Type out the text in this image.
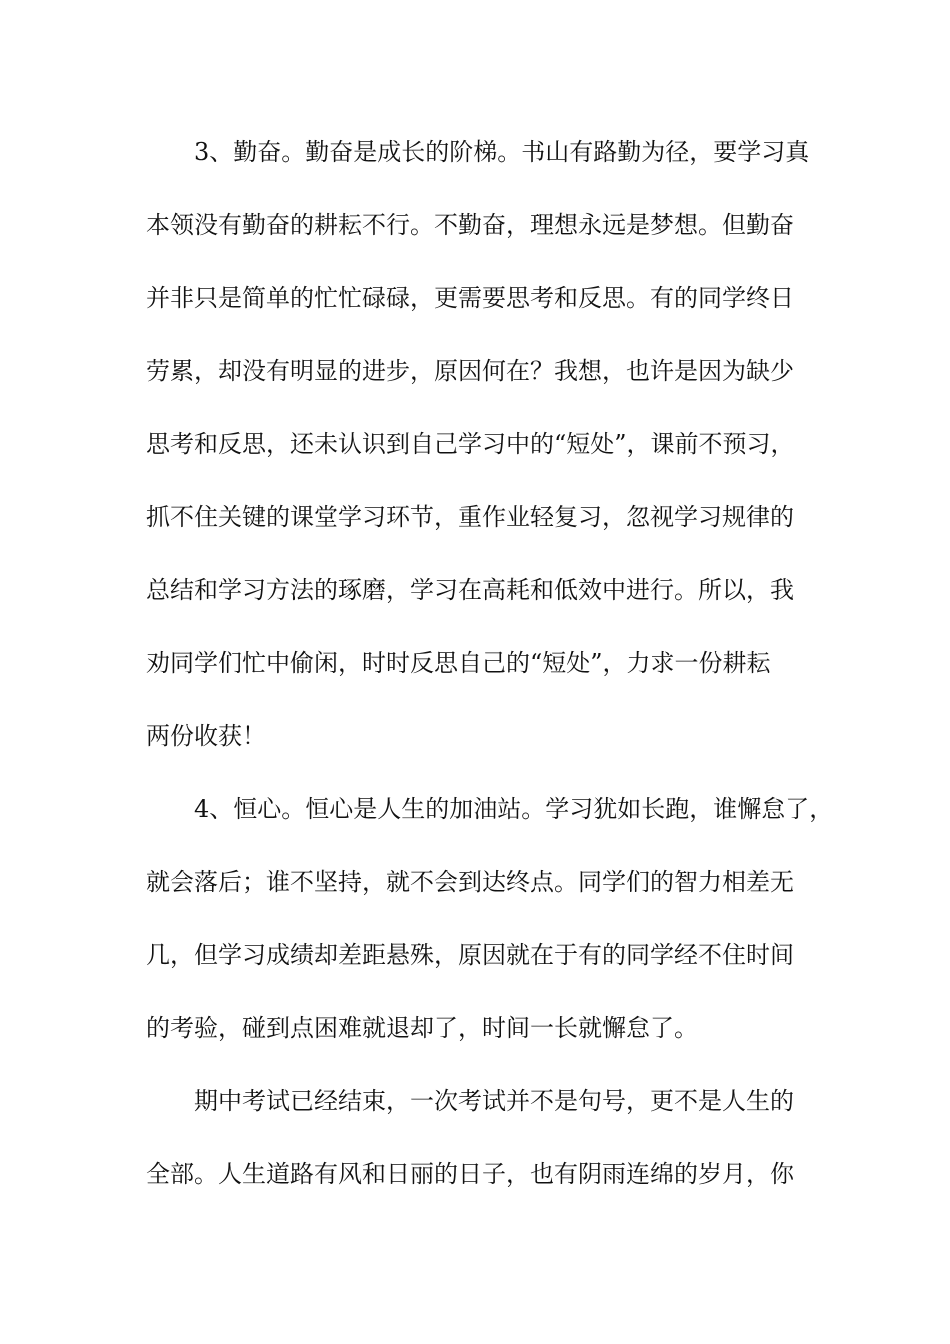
3、勤奋。勤奋是成长的阶梯。书山有路勤为径，要学习真
本领没有勤奋的耕耘不行。不勤奋，理想永远是梦想。但勤奋
并非只是简单的忙忙碌碌，更需要思考和反思。有的同学终日
劳累，却没有明显的进步，原因何在？我想，也许是因为缺少
思考和反思，还未认识到自己学习中的“短处”，课前不预习，
抓不住关键的课堂学习环节，重作业轻复习，忽视学习规律的
总结和学习方法的琢磨，学习在高耗和低效中进行。所以，我
劝同学们忙中偷闲，时时反思自己的“短处”，力求一份耕耘
两份收获！
4、恒心。恒心是人生的加油站。学习犹如长跑，谁懈怠了，
就会落后；谁不坚持，就不会到达终点。同学们的智力相差无
几，但学习成绩却差距悬殊，原因就在于有的同学经不住时间
的考验，碰到点困难就退却了，时间一长就懈怠了。
期中考试已经结束，一次考试并不是句号，更不是人生的
全部。人生道路有风和日丽的日子，也有阴雨连绵的岁月，你
